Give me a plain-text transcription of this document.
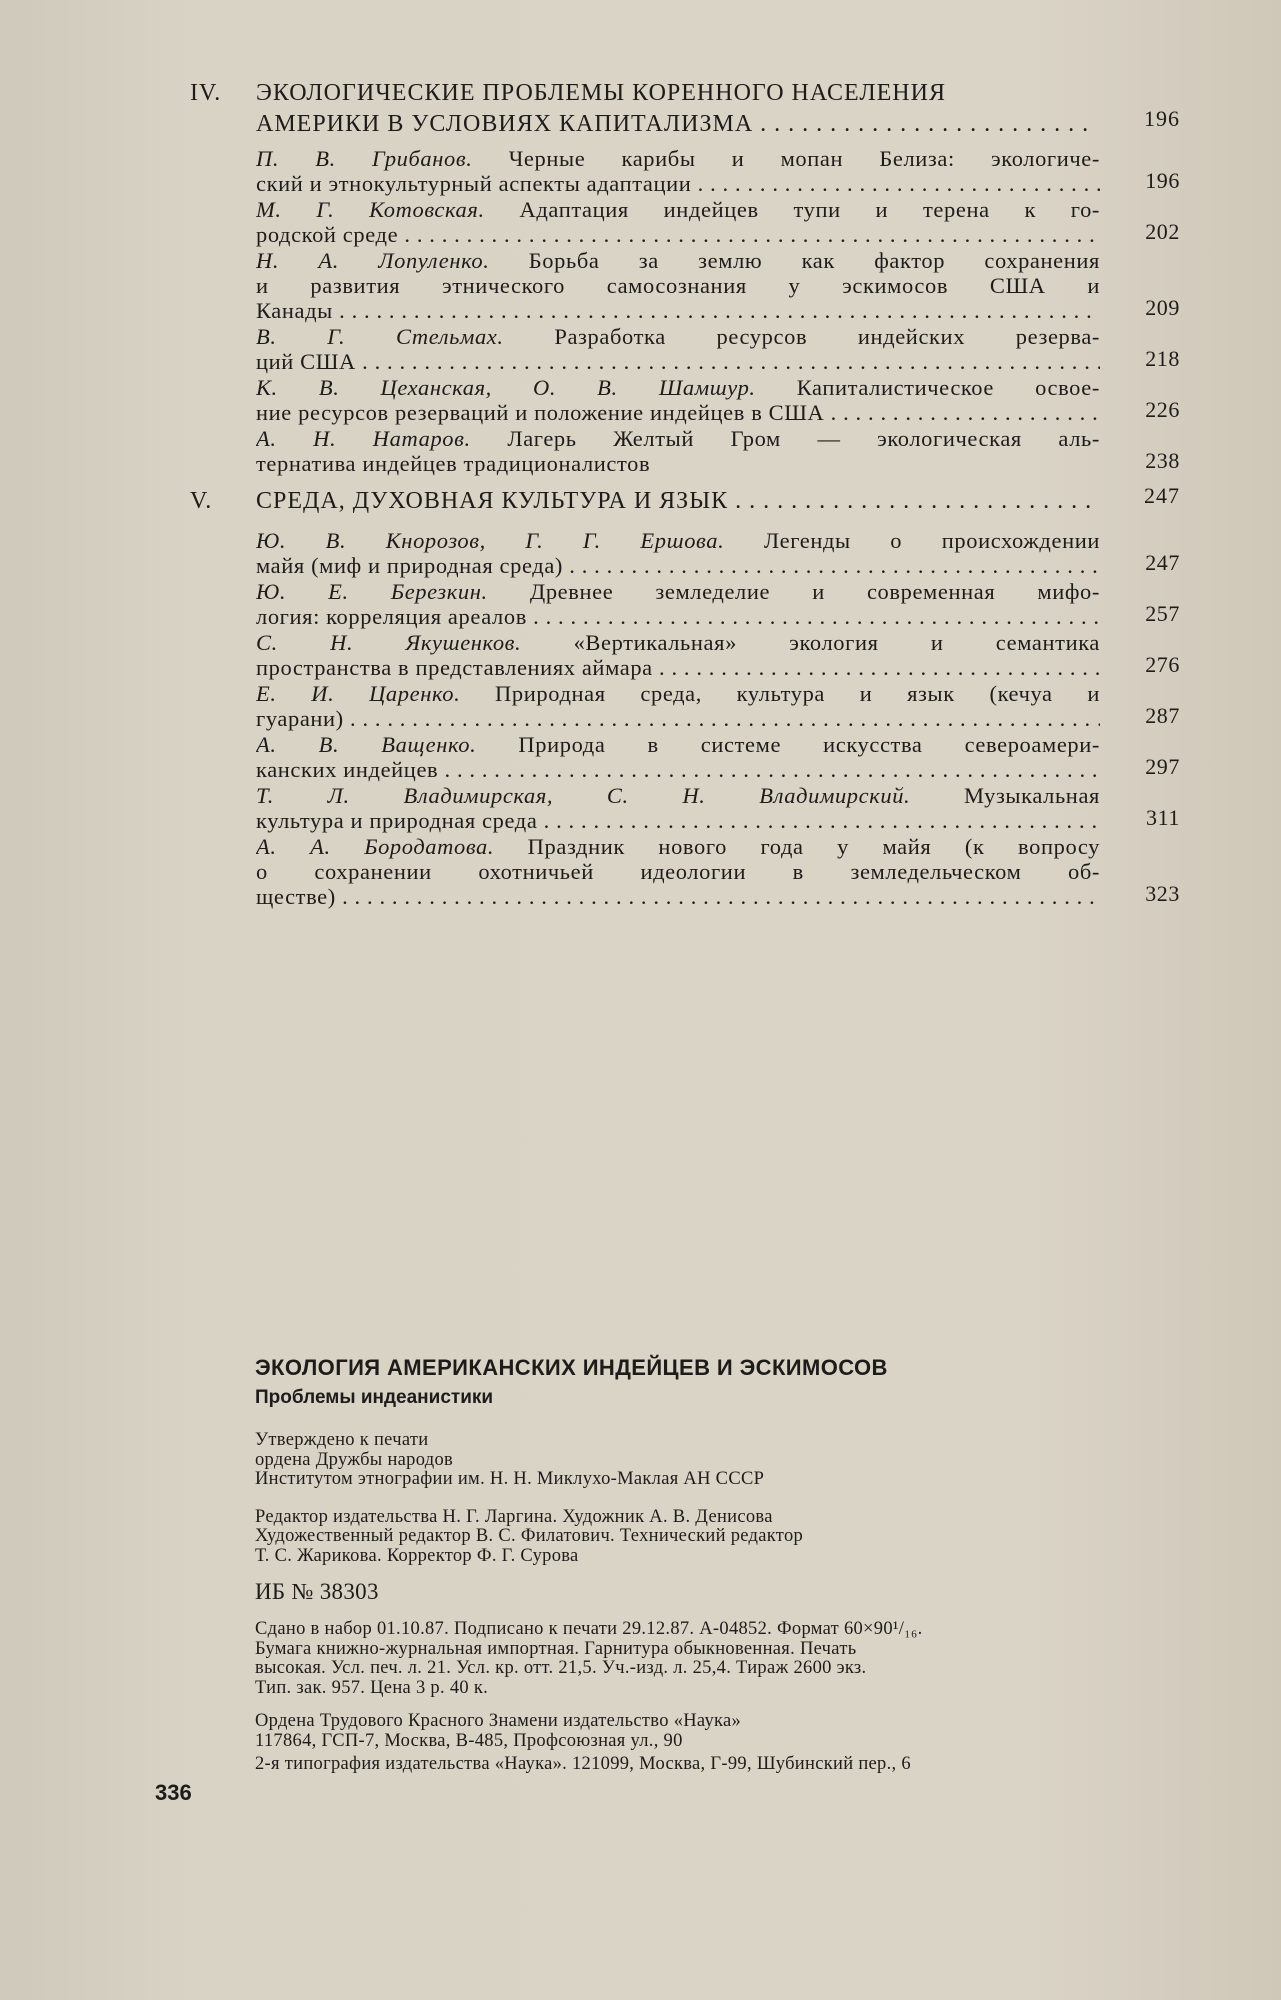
IV.	ЭКОЛОГИЧЕСКИЕ ПРОБЛЕМЫ КОРЕННОГО НАСЕЛЕНИЯ
АМЕРИКИ В УСЛОВИЯХ КАПИТАЛИЗМА . . .	196
П. В. Грибанов. Черные карибы и мопан Белиза: экологиче-
ский и этнокультурный аспекты адаптации . . .	196
М. Г. Котовская. Адаптация индейцев тупи и терена к го-
родской среде . . .	202
Н. А. Лопуленко. Борьба за землю как фактор сохранения
и развития этнического самосознания у эскимосов США и
Канады . . .	209
В. Г. Стельмах. Разработка ресурсов индейских резерва-
ций США . . .	218
К. В. Цеханская, О. В. Шамшур. Капиталистическое освое-
ние ресурсов резерваций и положение индейцев в США . . .	226
А. Н. Натаров. Лагерь Желтый Гром — экологическая аль-
тернатива индейцев традиционалистов	238
V.	СРЕДА, ДУХОВНАЯ КУЛЬТУРА И ЯЗЫК . . .	247
Ю. В. Кнорозов, Г. Г. Ершова. Легенды о происхождении
майя (миф и природная среда) . . .	247
Ю. Е. Березкин. Древнее земледелие и современная мифо-
логия: корреляция ареалов . . .	257
С. Н. Якушенков. «Вертикальная» экология и семантика
пространства в представлениях аймара . . .	276
Е. И. Царенко. Природная среда, культура и язык (кечуа и
гуарани) . . .	287
А. В. Ващенко. Природа в системе искусства североамери-
канских индейцев . . .	297
Т. Л. Владимирская, С. Н. Владимирский. Музыкальная
культура и природная среда . . .	311
А. А. Бородатова. Праздник нового года у майя (к вопросу
о сохранении охотничьей идеологии в земледельческом об-
ществе) . . .	323
ЭКОЛОГИЯ АМЕРИКАНСКИХ ИНДЕЙЦЕВ И ЭСКИМОСОВ
Проблемы индеанистики
Утверждено к печати
ордена Дружбы народов
Институтом этнографии им. Н. Н. Миклухо-Маклая АН СССР
Редактор издательства Н. Г. Ларгина. Художник А. В. Денисова
Художественный редактор В. С. Филатович. Технический редактор
Т. С. Жарикова. Корректор Ф. Г. Сурова
ИБ № 38303
Сдано в набор 01.10.87. Подписано к печати 29.12.87. А-04852. Формат 60×90¹/₁₆.
Бумага книжно-журнальная импортная. Гарнитура обыкновенная. Печать
высокая. Усл. печ. л. 21. Усл. кр. отт. 21,5. Уч.-изд. л. 25,4. Тираж 2600 экз.
Тип. зак. 957. Цена 3 р. 40 к.
Ордена Трудового Красного Знамени издательство «Наука»
117864, ГСП-7, Москва, В-485, Профсоюзная ул., 90
2-я типография издательства «Наука». 121099, Москва, Г-99, Шубинский пер., 6
336
